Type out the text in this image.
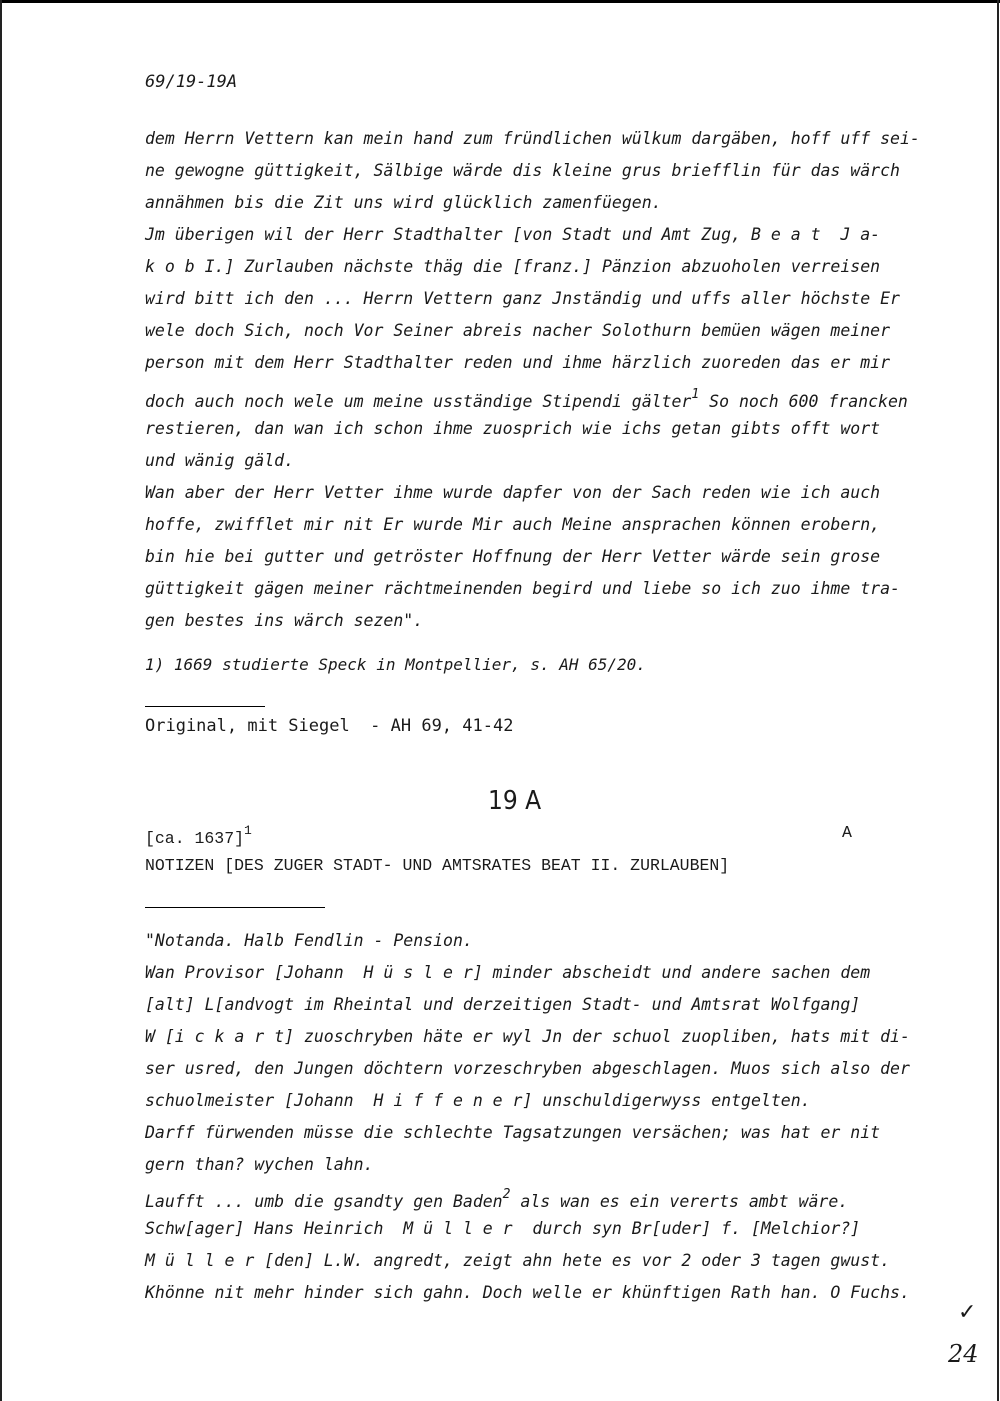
69/19-19A
dem Herrn Vettern kan mein hand zum fründlichen wülkum dargäben, hoff uff sei-
ne gewogne güttigkeit, Sälbige wärde dis kleine grus briefflin für das wärch
annähmen bis die Zit uns wird glücklich zamenfüegen.
Jm überigen wil der Herr Stadthalter [von Stadt und Amt Zug, B e a t  J a-
k o b I.] Zurlauben nächste thäg die [franz.] Pänzion abzuoholen verreisen
wird bitt ich den ... Herrn Vettern ganz Jnständig und uffs aller höchste Er
wele doch Sich, noch Vor Seiner abreis nacher Solothurn bemüen wägen meiner
person mit dem Herr Stadthalter reden und ihme härzlich zuoreden das er mir
doch auch noch wele um meine usständige Stipendi gälter$^1$ So noch 600 francken
restieren, dan wan ich schon ihme zuosprich wie ichs getan gibts offt wort
und wänig gäld.
Wan aber der Herr Vetter ihme wurde dapfer von der Sach reden wie ich auch
hoffe, zwifflet mir nit Er wurde Mir auch Meine ansprachen können erobern,
bin hie bei gutter und getröster Hoffnung der Herr Vetter wärde sein grose
güttigkeit gägen meiner rächtmeinenden begird und liebe so ich zuo ihme tra-
gen bestes ins wärch sezen".
1) 1669 studierte Speck in Montpellier, s. AH 65/20.
Original, mit Siegel  - AH 69, 41-42
19 A
[ca. 1637]$^1$	A
NOTIZEN [DES ZUGER STADT- UND AMTSRATES BEAT II. ZURLAUBEN]
"Notanda. Halb Fendlin - Pension.
Wan Provisor [Johann  H ü s l e r] minder abscheidt und andere sachen dem
[alt] L[andvogt im Rheintal und derzeitigen Stadt- und Amtsrat Wolfgang]
W [i c k a r t] zuoschryben häte er wyl Jn der schuol zuopliben, hats mit di-
ser usred, den Jungen döchtern vorzeschryben abgeschlagen. Muos sich also der
schuolmeister [Johann  H i f f e n e r] unschuldigerwyss entgelten.
Darff fürwenden müsse die schlechte Tagsatzungen versächen; was hat er nit
gern than? wychen lahn.
Laufft ... umb die gsandty gen Baden$^2$ als wan es ein vererts ambt wäre.
Schw[ager] Hans Heinrich  M ü l l e r  durch syn Br[uder] f. [Melchior?]
M ü l l e r [den] L.W. angredt, zeigt ahn hete es vor 2 oder 3 tagen gwust.
Khönne nit mehr hinder sich gahn. Doch welle er khünftigen Rath han. O Fuchs.
✓
24
